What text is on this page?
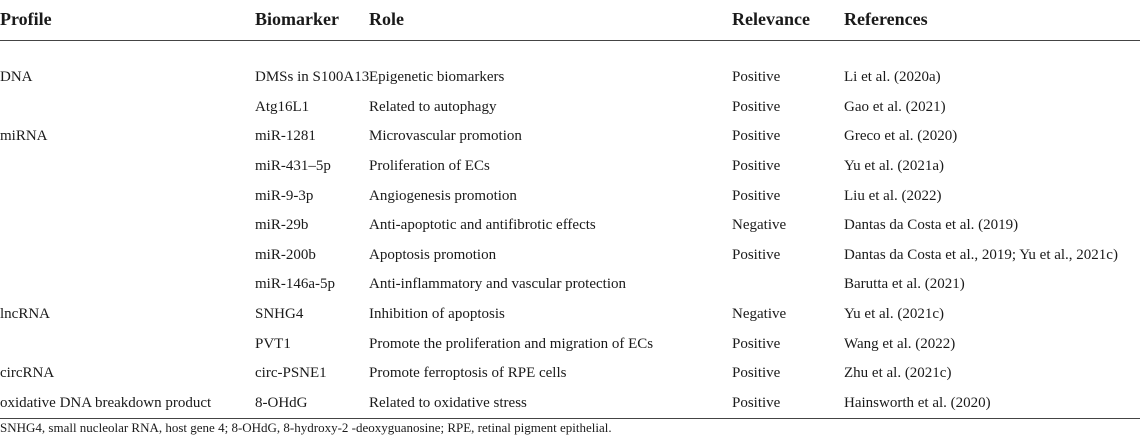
Profile	Biomarker	Role	Relevance	References
DNA	DMSs in S100A13	Epigenetic biomarkers	Positive	Li et al. (2020a)
	Atg16L1	Related to autophagy	Positive	Gao et al. (2021)
miRNA	miR-1281	Microvascular promotion	Positive	Greco et al. (2020)
	miR-431–5p	Proliferation of ECs	Positive	Yu et al. (2021a)
	miR-9-3p	Angiogenesis promotion	Positive	Liu et al. (2022)
	miR-29b	Anti-apoptotic and antifibrotic effects	Negative	Dantas da Costa et al. (2019)
	miR-200b	Apoptosis promotion	Positive	Dantas da Costa et al., 2019; Yu et al., 2021c)
	miR-146a-5p	Anti-inflammatory and vascular protection		Barutta et al. (2021)
lncRNA	SNHG4	Inhibition of apoptosis	Negative	Yu et al. (2021c)
	PVT1	Promote the proliferation and migration of ECs	Positive	Wang et al. (2022)
circRNA	circ-PSNE1	Promote ferroptosis of RPE cells	Positive	Zhu et al. (2021c)
oxidative DNA breakdown product	8-OHdG	Related to oxidative stress	Positive	Hainsworth et al. (2020)
SNHG4, small nucleolar RNA, host gene 4; 8-OHdG, 8-hydroxy-2 -deoxyguanosine; RPE, retinal pigment epithelial.
